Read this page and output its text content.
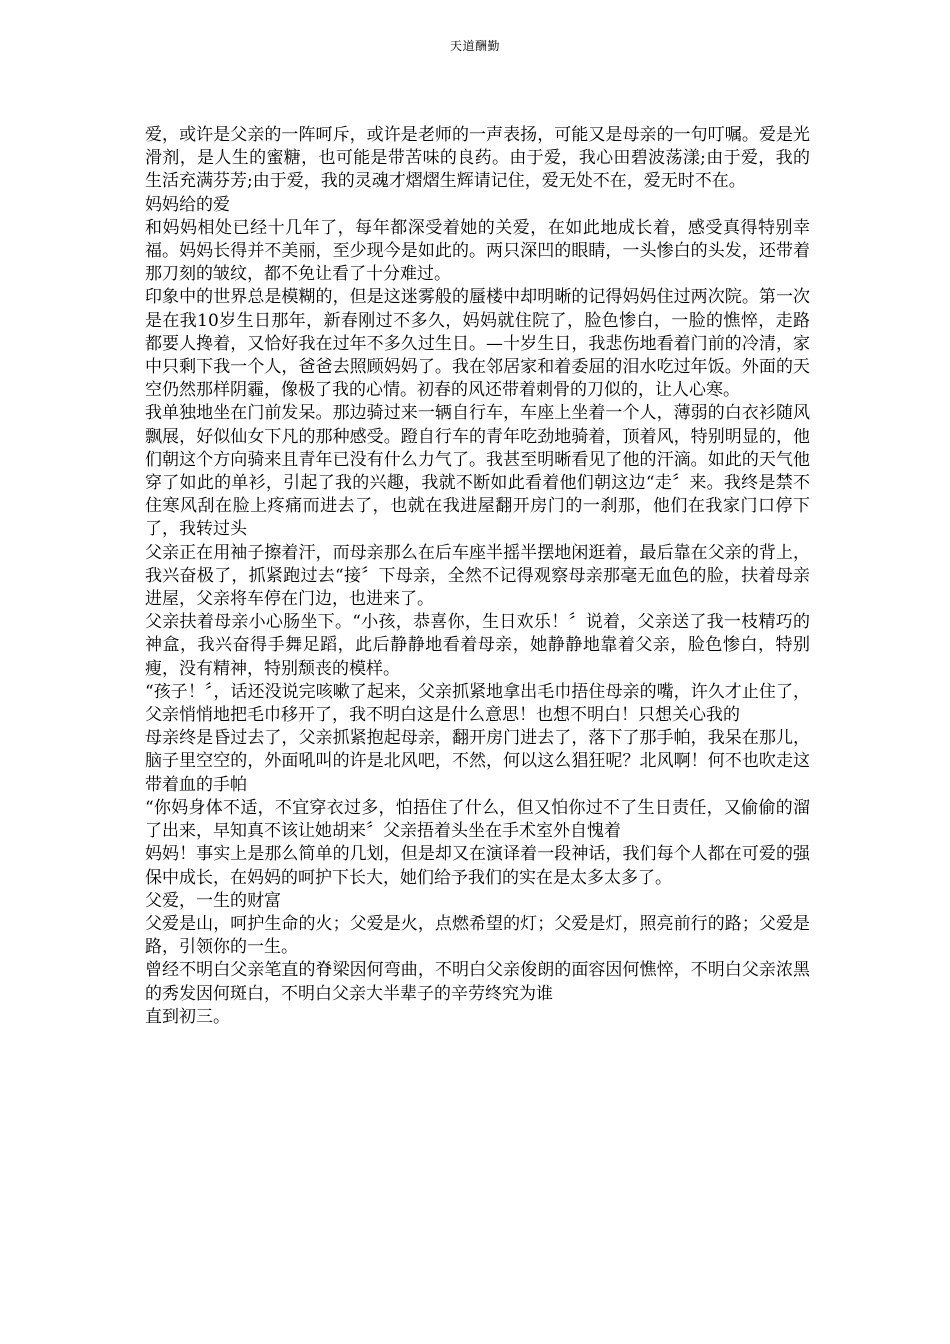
天道酬勤

爱，或许是父亲的一阵呵斥，或许是老师的一声表扬，可能又是母亲的一句叮嘱。爱是光滑剂，是人生的蜜糖，也可能是带苦味的良药。由于爱，我心田碧波荡漾;由于爱，我的生活充满芬芳;由于爱，我的灵魂才熠熠生辉请记住，爱无处不在，爱无时不在。

妈妈给的爱

和妈妈相处已经十几年了，每年都深受着她的关爱，在如此地成长着，感受真得特别幸福。妈妈长得并不美丽，至少现今是如此的。两只深凹的眼睛，一头惨白的头发，还带着那刀刻的皱纹，都不免让看了十分难过。

印象中的世界总是模糊的，但是这迷雾般的蜃楼中却明晰的记得妈妈住过两次院。第一次是在我10岁生日那年，新春刚过不多久，妈妈就住院了，脸色惨白，一脸的憔悴，走路都要人搀着，又恰好我在过年不多久过生日。—十岁生日，我悲伤地看着门前的冷清，家中只剩下我一个人，爸爸去照顾妈妈了。我在邻居家和着委屈的泪水吃过年饭。外面的天空仍然那样阴霾，像极了我的心情。初春的风还带着刺骨的刀似的，让人心寒。

我单独地坐在门前发呆。那边骑过来一辆自行车，车座上坐着一个人，薄弱的白衣衫随风飘展，好似仙女下凡的那种感受。蹬自行车的青年吃劲地骑着，顶着风，特别明显的，他们朝这个方向骑来且青年已没有什么力气了。我甚至明晰看见了他的汗滴。如此的天气他穿了如此的单衫，引起了我的兴趣，我就不断如此看着他们朝这边“走〞来。我终是禁不住寒风刮在脸上疼痛而进去了，也就在我进屋翻开房门的一刹那，他们在我家门口停下了，我转过头

父亲正在用袖子擦着汗，而母亲那么在后车座半摇半摆地闲逛着，最后靠在父亲的背上，我兴奋极了，抓紧跑过去“接〞下母亲，全然不记得观察母亲那毫无血色的脸，扶着母亲进屋，父亲将车停在门边，也进来了。

父亲扶着母亲小心肠坐下。“小孩，恭喜你，生日欢乐！〞说着，父亲送了我一枝精巧的神盒，我兴奋得手舞足蹈，此后静静地看着母亲，她静静地靠着父亲，脸色惨白，特别瘦，没有精神，特别颓丧的模样。

“孩子！〞，话还没说完咳嗽了起来，父亲抓紧地拿出毛巾捂住母亲的嘴，许久才止住了，父亲悄悄地把毛巾移开了，我不明白这是什么意思！也想不明白！只想关心我的

母亲终是昏过去了，父亲抓紧抱起母亲，翻开房门进去了，落下了那手帕，我呆在那儿，脑子里空空的，外面吼叫的许是北风吧，不然，何以这么猖狂呢？北风啊！何不也吹走这带着血的手帕

“你妈身体不适，不宜穿衣过多，怕捂住了什么，但又怕你过不了生日责任，又偷偷的溜了出来，早知真不该让她胡来〞父亲捂着头坐在手术室外自愧着

妈妈！事实上是那么简单的几划，但是却又在演译着一段神话，我们每个人都在可爱的强保中成长，在妈妈的呵护下长大，她们给予我们的实在是太多太多了。

父爱，一生的财富

父爱是山，呵护生命的火；父爱是火，点燃希望的灯；父爱是灯，照亮前行的路；父爱是路，引领你的一生。

曾经不明白父亲笔直的脊梁因何弯曲，不明白父亲俊朗的面容因何憔悴，不明白父亲浓黑的秀发因何斑白，不明白父亲大半辈子的辛劳终究为谁

直到初三。
